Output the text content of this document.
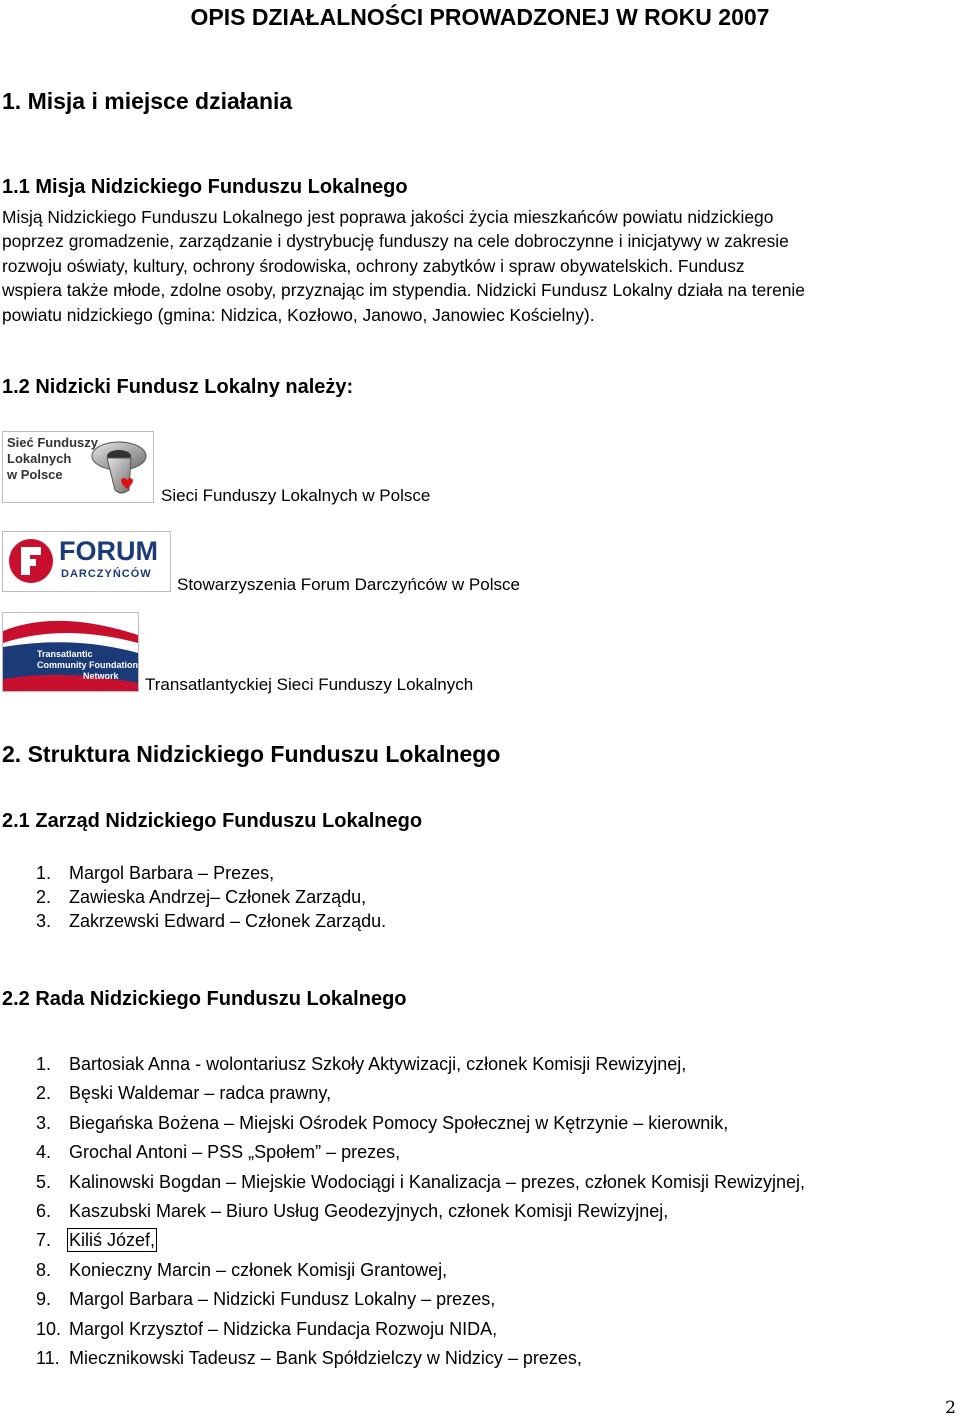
OPIS DZIAŁALNOŚCI PROWADZONEJ W ROKU 2007
1. Misja i miejsce działania
1.1 Misja Nidzickiego Funduszu Lokalnego

Misją Nidzickiego Funduszu Lokalnego jest poprawa jakości życia mieszkańców powiatu nidzickiego

poprzez gromadzenie, zarządzanie i dystrybucję funduszy na cele dobroczynne i inicjatywy w zakresie

rozwoju oświaty, kultury, ochrony środowiska, ochrony zabytków i spraw obywatelskich. Fundusz

wspiera także młode, zdolne osoby, przyznając im stypendia. Nidzicki Fundusz Lokalny działa na terenie

powiatu nidzickiego (gmina: Nidzica, Kozłowo, Janowo, Janowiec Kościelny).

1.2 Nidzicki Fundusz Lokalny należy:
Sieć Funduszy
Lokalnych
w Polsce
Sieci Funduszy Lokalnych w Polsce
FORUM
DARCZYŃCÓW
Stowarzyszenia Forum Darczyńców w Polsce
Transatlantic
Community Foundation
Network	Transatlantyckiej Sieci Funduszy Lokalnych
2. Struktura Nidzickiego Funduszu Lokalnego
2.1 Zarząd Nidzickiego Funduszu Lokalnego
1. Margol Barbara – Prezes,
2. Zawieska Andrzej– Członek Zarządu,
3. Zakrzewski Edward – Członek Zarządu.
2.2 Rada Nidzickiego Funduszu Lokalnego
1. Bartosiak Anna - wolontariusz Szkoły Aktywizacji, członek Komisji Rewizyjnej,
2. Bęski Waldemar – radca prawny,
3. Biegańska Bożena – Miejski Ośrodek Pomocy Społecznej w Kętrzynie – kierownik,
4. Grochal Antoni – PSS „Społem” – prezes,
5. Kalinowski Bogdan – Miejskie Wodociągi i Kanalizacja – prezes, członek Komisji Rewizyjnej,
6. Kaszubski Marek – Biuro Usług Geodezyjnych, członek Komisji Rewizyjnej,
7. Kiliś Józef,
8. Konieczny Marcin – członek Komisji Grantowej,
9. Margol Barbara – Nidzicki Fundusz Lokalny – prezes,
10. Margol Krzysztof – Nidzicka Fundacja Rozwoju NIDA,
11. Miecznikowski Tadeusz – Bank Spółdzielczy w Nidzicy – prezes,
2
